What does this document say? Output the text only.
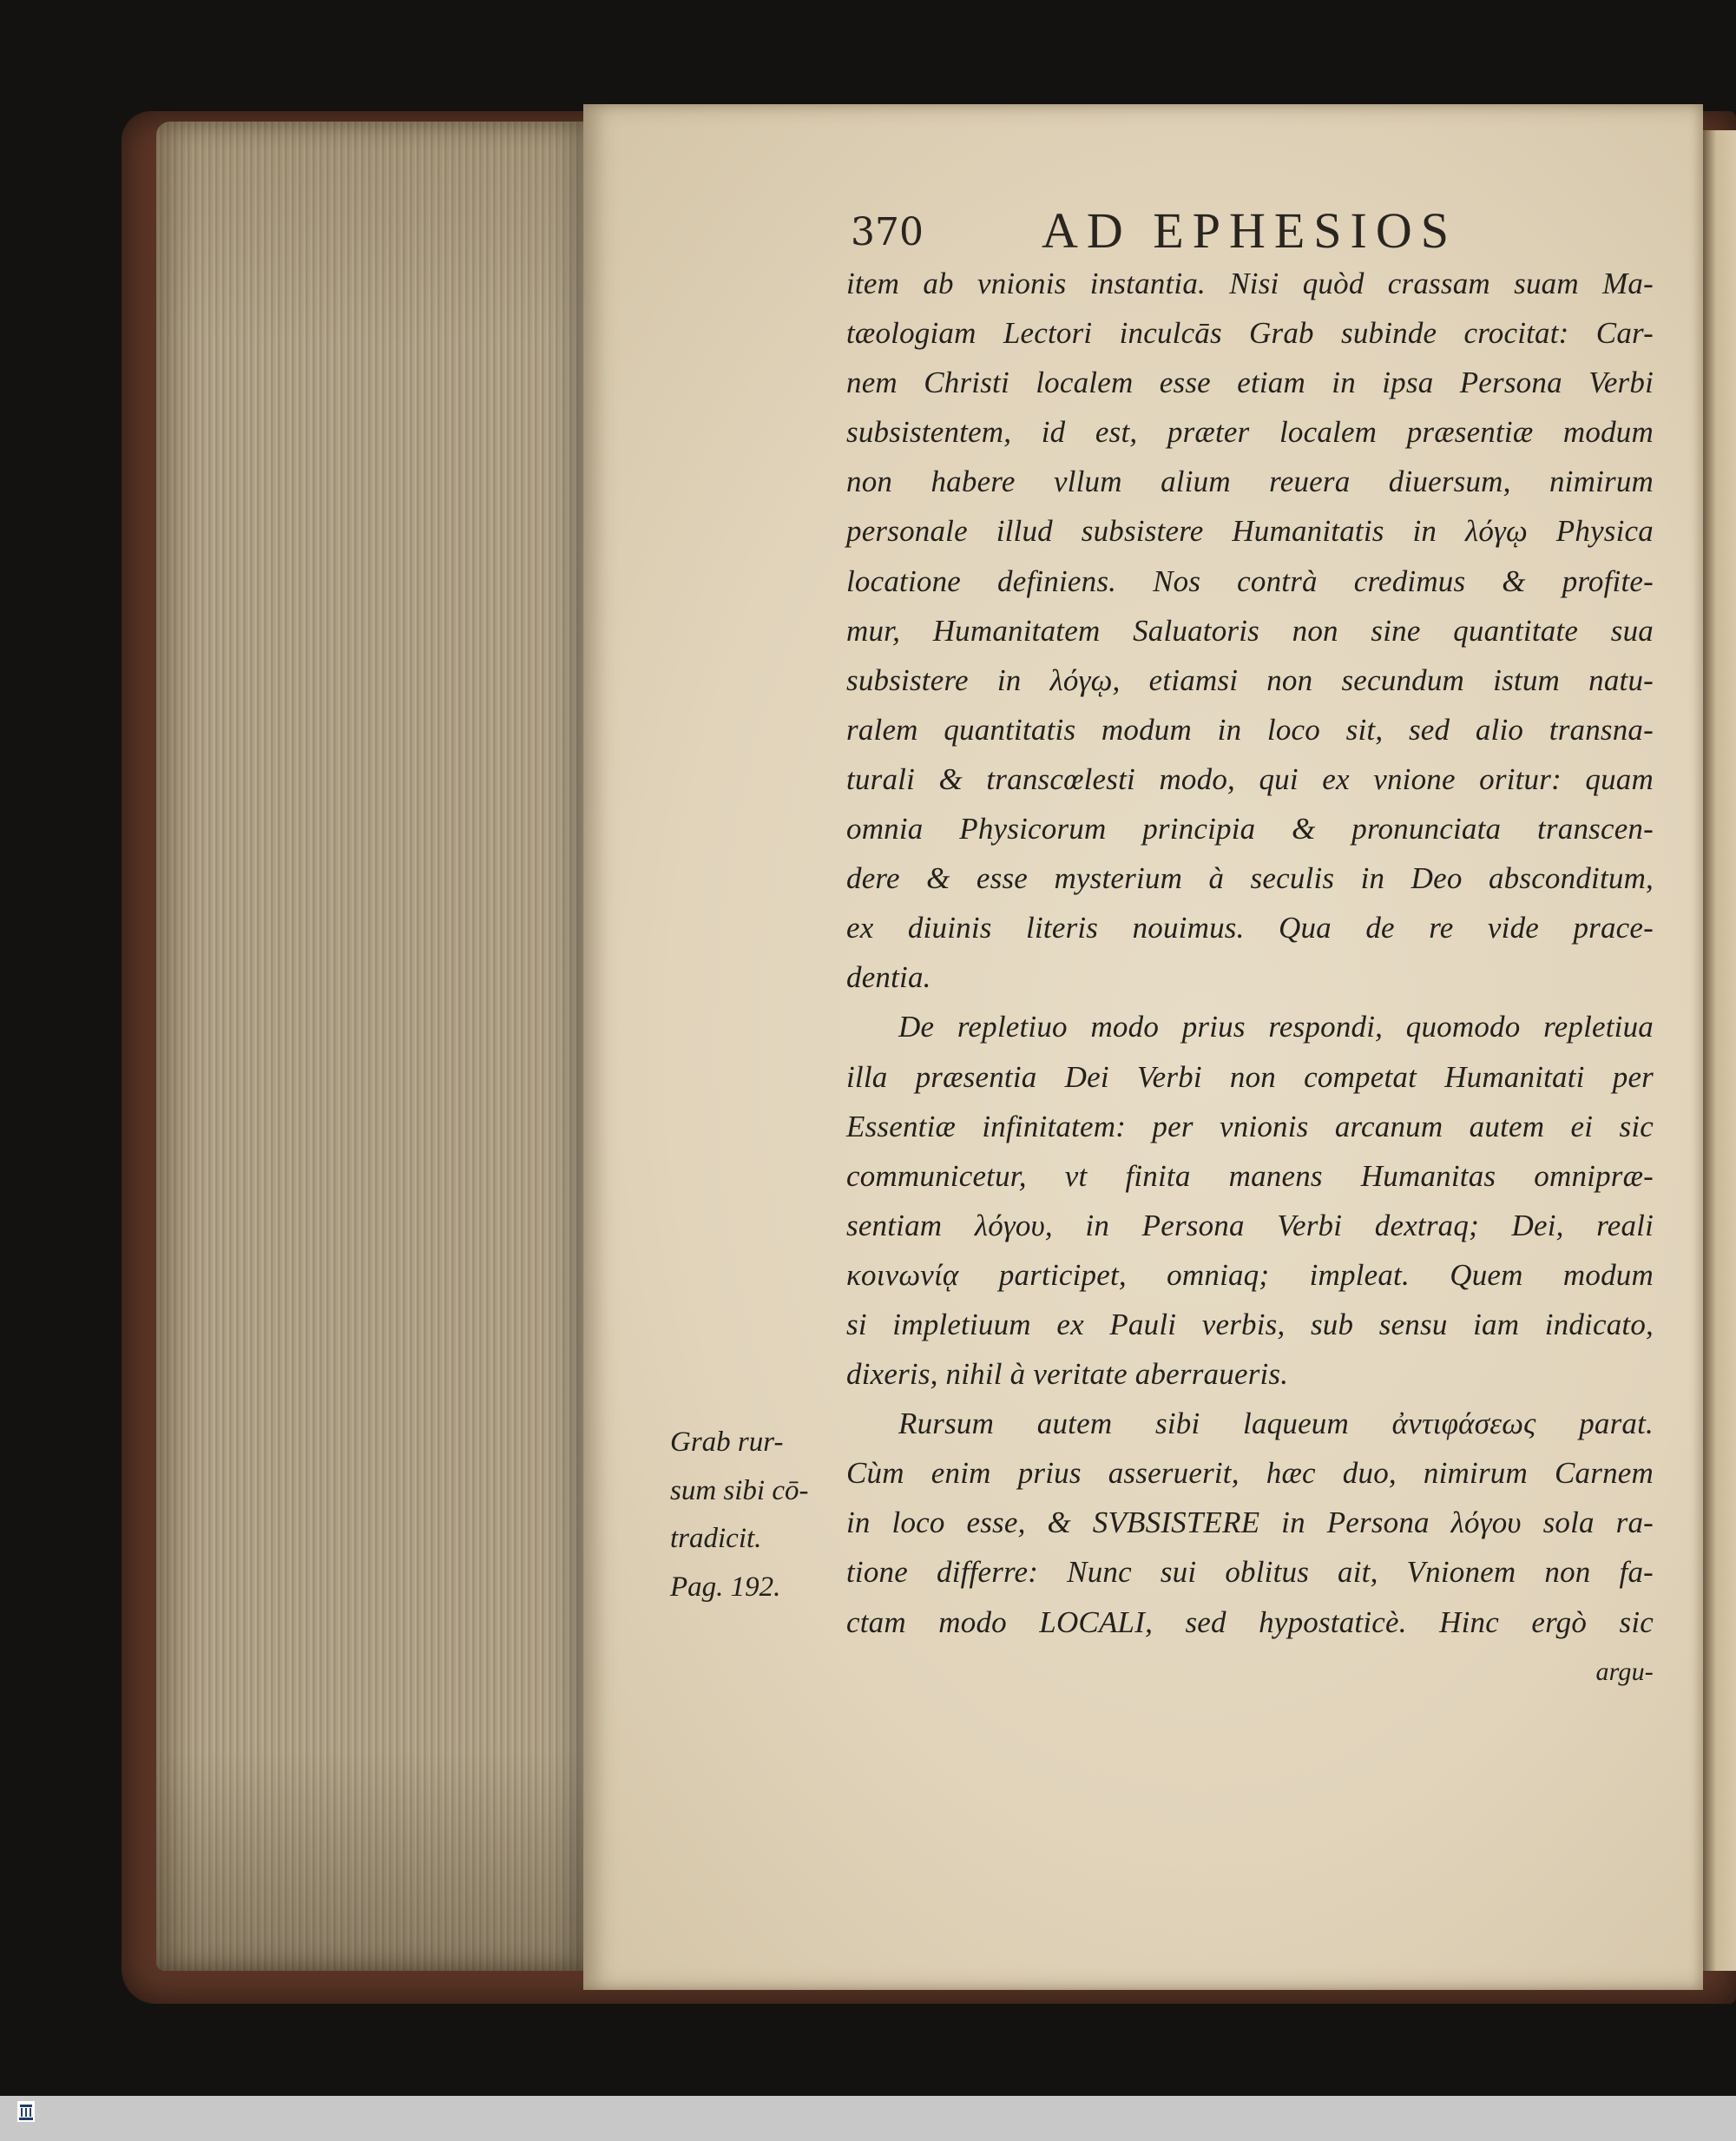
370 AD EPHESIOS
item ab vnionis instantia. Nisi quòd crassam suam Ma-
tæologiam Lectori inculcās Grab subinde crocitat: Car-
nem Christi localem esse etiam in ipsa Persona Verbi
subsistentem, id est, præter localem præsentiæ modum
non habere vllum alium reuera diuersum, nimirum
personale illud subsistere Humanitatis in λόγῳ Physica
locatione definiens. Nos contrà credimus & profite-
mur, Humanitatem Saluatoris non sine quantitate sua
subsistere in λόγῳ, etiamsi non secundum istum natu-
ralem quantitatis modum in loco sit, sed alio transna-
turali & transcœlesti modo, qui ex vnione oritur: quam
omnia Physicorum principia & pronunciata transcen-
dere & esse mysterium à seculis in Deo absconditum,
ex diuinis literis nouimus. Qua de re vide prace-
dentia.
De repletiuo modo prius respondi, quomodo repletiua
illa præsentia Dei Verbi non competat Humanitati per
Essentiæ infinitatem: per vnionis arcanum autem ei sic
communicetur, vt finita manens Humanitas omnipræ-
sentiam λόγου, in Persona Verbi dextraq; Dei, reali
κοινωνίᾳ participet, omniaq; impleat. Quem modum
si impletiuum ex Pauli verbis, sub sensu iam indicato,
dixeris, nihil à veritate aberraueris.
Rursum autem sibi laqueum ἀντιφάσεως parat.
Cùm enim prius asseruerit, hæc duo, nimirum Carnem
in loco esse, & SVBSISTERE in Persona λόγου sola ra-
tione differre: Nunc sui oblitus ait, Vnionem non fa-
ctam modo LOCALI, sed hypostaticè. Hinc ergò sic
argu-
Grab rur-
sum sibi cō-
tradicit.
Pag. 192.
